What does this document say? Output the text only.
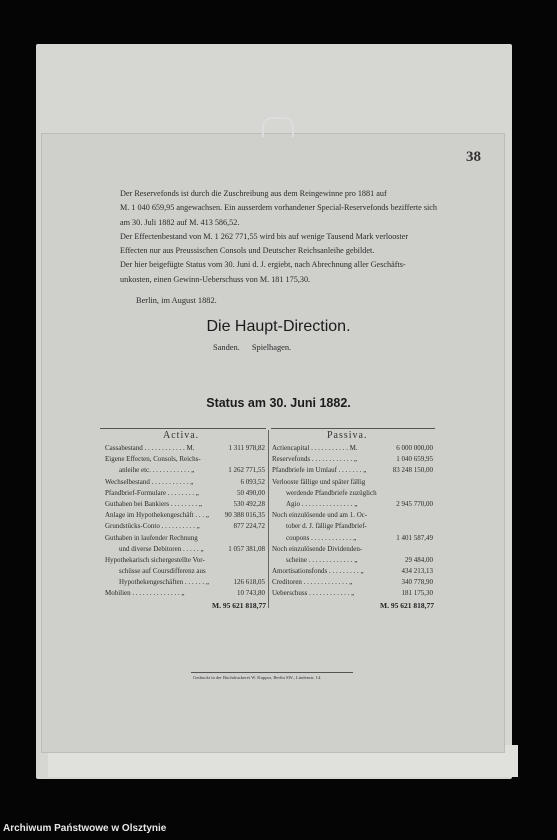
38

Der Reservefonds ist durch die Zuschreibung aus dem Reingewinne pro 1881 auf

M. 1 040 659,95 angewachsen. Ein ausserdem vorhandener Special-Reservefonds bezifferte sich

am 30. Juli 1882 auf M. 413 586,52.

Der Effectenbestand von M. 1 262 771,55 wird bis auf wenige Tausend Mark verlooster

Effecten nur aus Preussischen Consols und Deutscher Reichsanleihe gebildet.

Der hier beigefügte Status vom 30. Juni d. J. ergiebt, nach Abrechnung aller Geschäfts-

unkosten, einen Gewinn-Ueberschuss von M. 181 175,30.

Berlin, im August 1882.
Die Haupt-Direction.
Sanden. Spielhagen.
Status am 30. Juni 1882.
Activa.	Passiva.
Cassabestand . . . . . . . . . . . . M.	1 311 978,82
Eigene Effecten, Consols, Reichs-
anleihe etc. . . . . . . . . . . . „	1 262 771,55
Wechselbestand . . . . . . . . . . . „	6 093,52
Pfandbrief-Formulare . . . . . . . . „	50 490,00
Guthaben bei Bankiers . . . . . . . . „	530 492,28
Anlage im Hypothekengeschäft . . . „ 90 388 016,35
Grundstücks-Conto . . . . . . . . . . „	877 224,72
Guthaben in laufender Rechnung
und diverse Debitoren . . . . . „	1 057 381,08
Hypothekarisch sichergestellte Vor-
schüsse auf Coursdifferenz aus
Hypothekengeschäften . . . . . . „	126 618,05
Mobilien . . . . . . . . . . . . . . „	10 743,80
Actiencapital . . . . . . . . . . . M.	6 000 000,00
Reservefonds . . . . . . . . . . . . „	1 040 659,95
Pfandbriefe im Umlauf . . . . . . . „	83 248 150,00
Verlooste fällige und später fällig
werdende Pfandbriefe zuzüglich
Agio . . . . . . . . . . . . . . . „	2 945 770,00
Noch einzulösende und am 1. Oc-
tober d. J. fällige Pfandbrief-
coupons . . . . . . . . . . . . „	1 401 587,49
Noch einzulösende Dividenden-
scheine . . . . . . . . . . . . . „	29 484,00
Amortisationsfonds . . . . . . . . . „	434 213,13
Creditoren . . . . . . . . . . . . . „	340 778,90
Ueberschuss . . . . . . . . . . . . „	181 175,30
M. 95 621 818,77	M. 95 621 818,77
Gedruckt in der Buchdruckerei W. Kuppra, Berlin SW., Lindenstr. 14.
Archiwum Państwowe w Olsztynie
